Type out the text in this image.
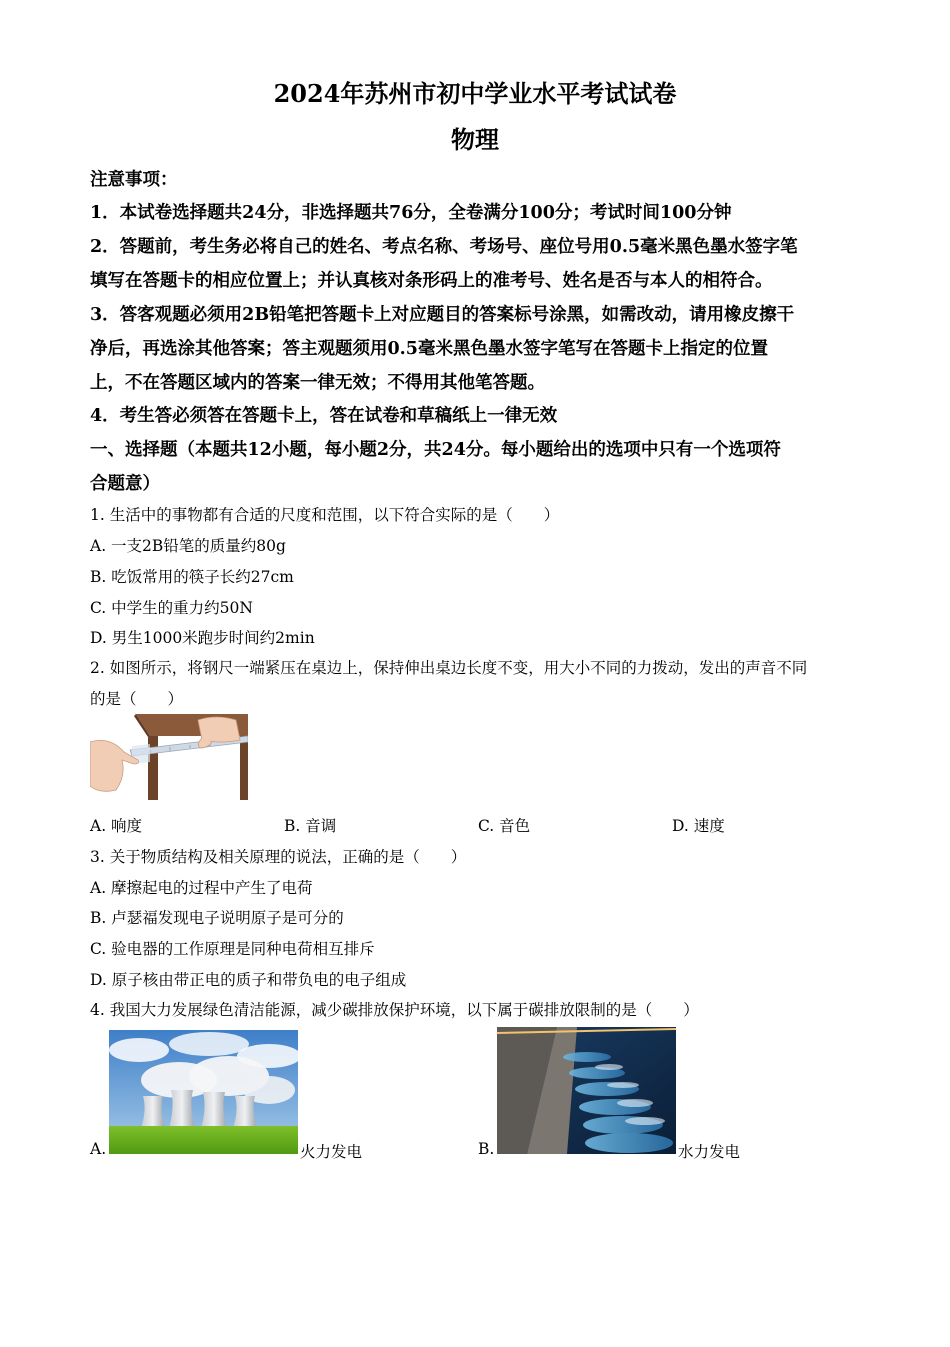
2024年苏州市初中学业水平考试试卷
物理
注意事项：
1．本试卷选择题共24分，非选择题共76分，全卷满分100分；考试时间100分钟
2．答题前，考生务必将自己的姓名、考点名称、考场号、座位号用0.5毫米黑色墨水签字笔
填写在答题卡的相应位置上；并认真核对条形码上的准考号、姓名是否与本人的相符合。
3．答客观题必须用2B铅笔把答题卡上对应题目的答案标号涂黑，如需改动，请用橡皮擦干
净后，再选涂其他答案；答主观题须用0.5毫米黑色墨水签字笔写在答题卡上指定的位置
上，不在答题区域内的答案一律无效；不得用其他笔答题。
4．考生答必须答在答题卡上，答在试卷和草稿纸上一律无效
一、选择题（本题共12小题，每小题2分，共24分。每小题给出的选项中只有一个选项符
合题意）
1. 生活中的事物都有合适的尺度和范围，以下符合实际的是（　　）
A. 一支2B铅笔的质量约80g
B. 吃饭常用的筷子长约27cm
C. 中学生的重力约50N
D. 男生1000米跑步时间约2min
2. 如图所示，将钢尺一端紧压在桌边上，保持伸出桌边长度不变，用大小不同的力拨动，发出的声音不同
的是（　　）
A. 响度	B. 音调	C. 音色	D. 速度
3. 关于物质结构及相关原理的说法，正确的是（　　）
A. 摩擦起电的过程中产生了电荷
B. 卢瑟福发现电子说明原子是可分的
C. 验电器的工作原理是同种电荷相互排斥
D. 原子核由带正电的质子和带负电的电子组成
4. 我国大力发展绿色清洁能源，减少碳排放保护环境，以下属于碳排放限制的是（　　）
A.	火力发电	B.	水力发电
